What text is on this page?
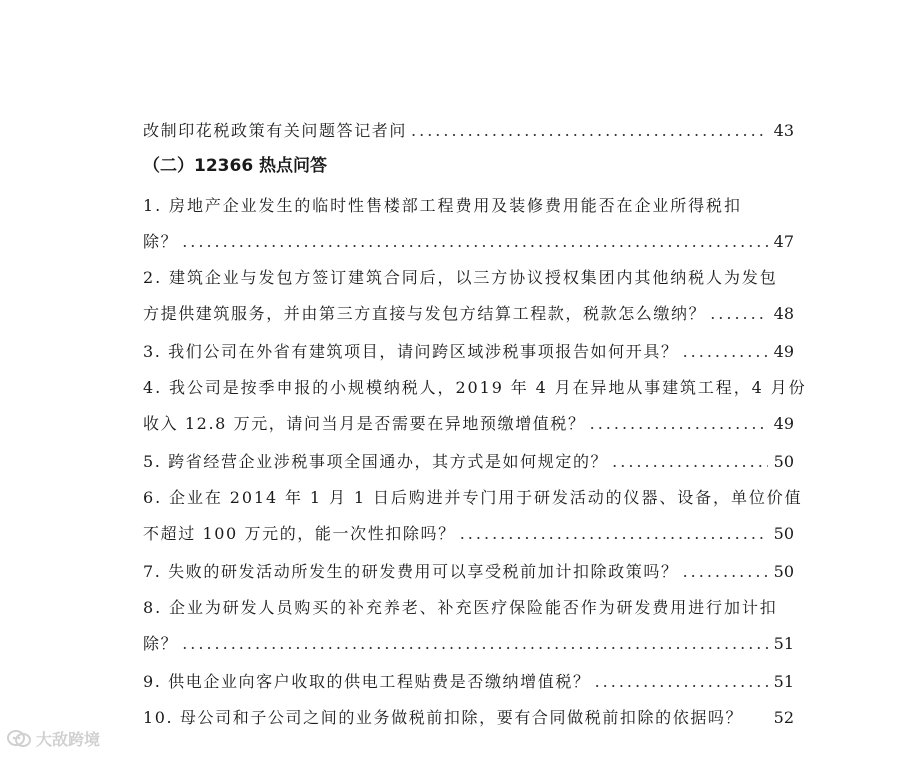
改制印花税政策有关问题答记者问 .....	43
（二）12366 热点问答
1. 房地产企业发生的临时性售楼部工程费用及装修费用能否在企业所得税扣
除？ .....	47
2. 建筑企业与发包方签订建筑合同后，以三方协议授权集团内其他纳税人为发包
方提供建筑服务，并由第三方直接与发包方结算工程款，税款怎么缴纳？ .....	48
3. 我们公司在外省有建筑项目，请问跨区域涉税事项报告如何开具？ .....	49
4. 我公司是按季申报的小规模纳税人，2019 年 4 月在异地从事建筑工程，4 月份
收入 12.8 万元，请问当月是否需要在异地预缴增值税？ .....	49
5. 跨省经营企业涉税事项全国通办，其方式是如何规定的？ .....	50
6. 企业在 2014 年 1 月 1 日后购进并专门用于研发活动的仪器、设备，单位价值
不超过 100 万元的，能一次性扣除吗？ .....	50
7. 失败的研发活动所发生的研发费用可以享受税前加计扣除政策吗？ .....	50
8. 企业为研发人员购买的补充养老、补充医疗保险能否作为研发费用进行加计扣
除？ .....	51
9. 供电企业向客户收取的供电工程贴费是否缴纳增值税？ .....	51
10. 母公司和子公司之间的业务做税前扣除，要有合同做税前扣除的依据吗？ 52
大敌跨境
